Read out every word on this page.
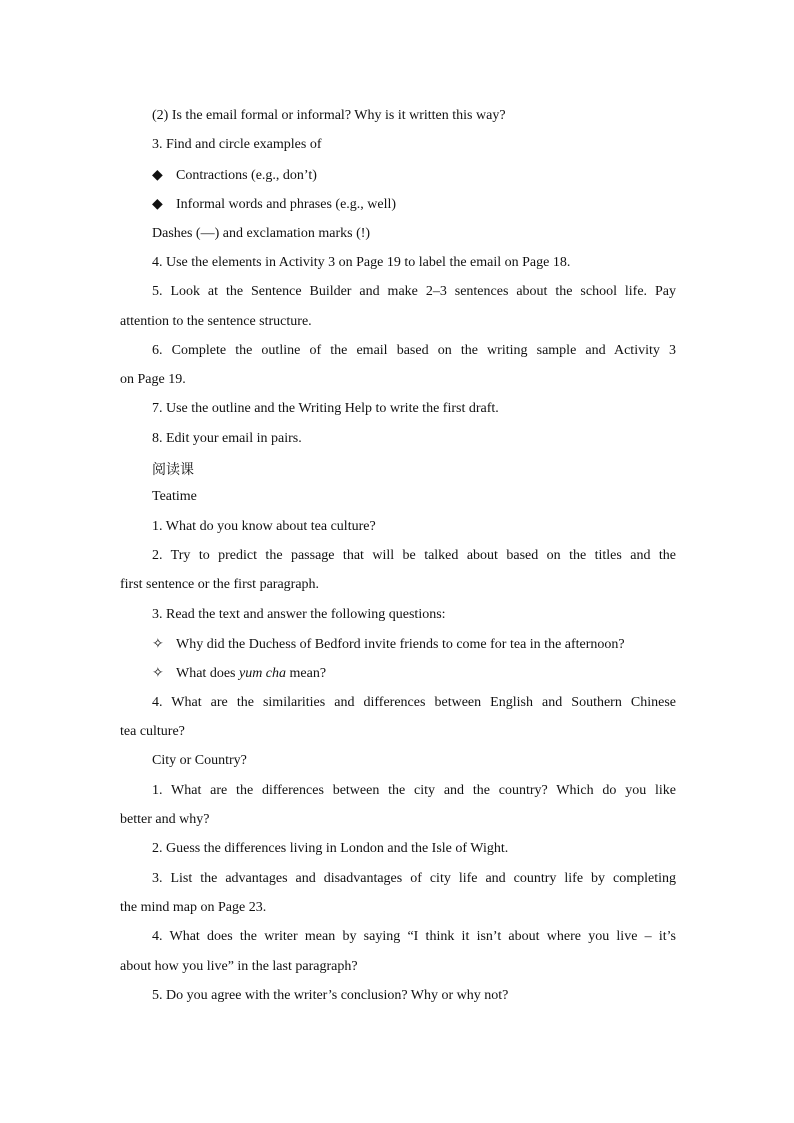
(2) Is the email formal or informal? Why is it written this way?
3. Find and circle examples of
◆ Contractions (e.g., don’t)
◆ Informal words and phrases (e.g., well)
Dashes (—) and exclamation marks (!)
4. Use the elements in Activity 3 on Page 19 to label the email on Page 18.
5. Look at the Sentence Builder and make 2–3 sentences about the school life. Pay
attention to the sentence structure.
6. Complete the outline of the email based on the writing sample and Activity 3
on Page 19.
7. Use the outline and the Writing Help to write the first draft.
8. Edit your email in pairs.
阅读课
Teatime
1. What do you know about tea culture?
2. Try to predict the passage that will be talked about based on the titles and the
first sentence or the first paragraph.
3. Read the text and answer the following questions:
✧ Why did the Duchess of Bedford invite friends to come for tea in the afternoon?
✧ What does yum cha mean?
4. What are the similarities and differences between English and Southern Chinese
tea culture?
City or Country?
1. What are the differences between the city and the country? Which do you like
better and why?
2. Guess the differences living in London and the Isle of Wight.
3. List the advantages and disadvantages of city life and country life by completing
the mind map on Page 23.
4. What does the writer mean by saying “I think it isn’t about where you live – it’s
about how you live” in the last paragraph?
5. Do you agree with the writer’s conclusion? Why or why not?
